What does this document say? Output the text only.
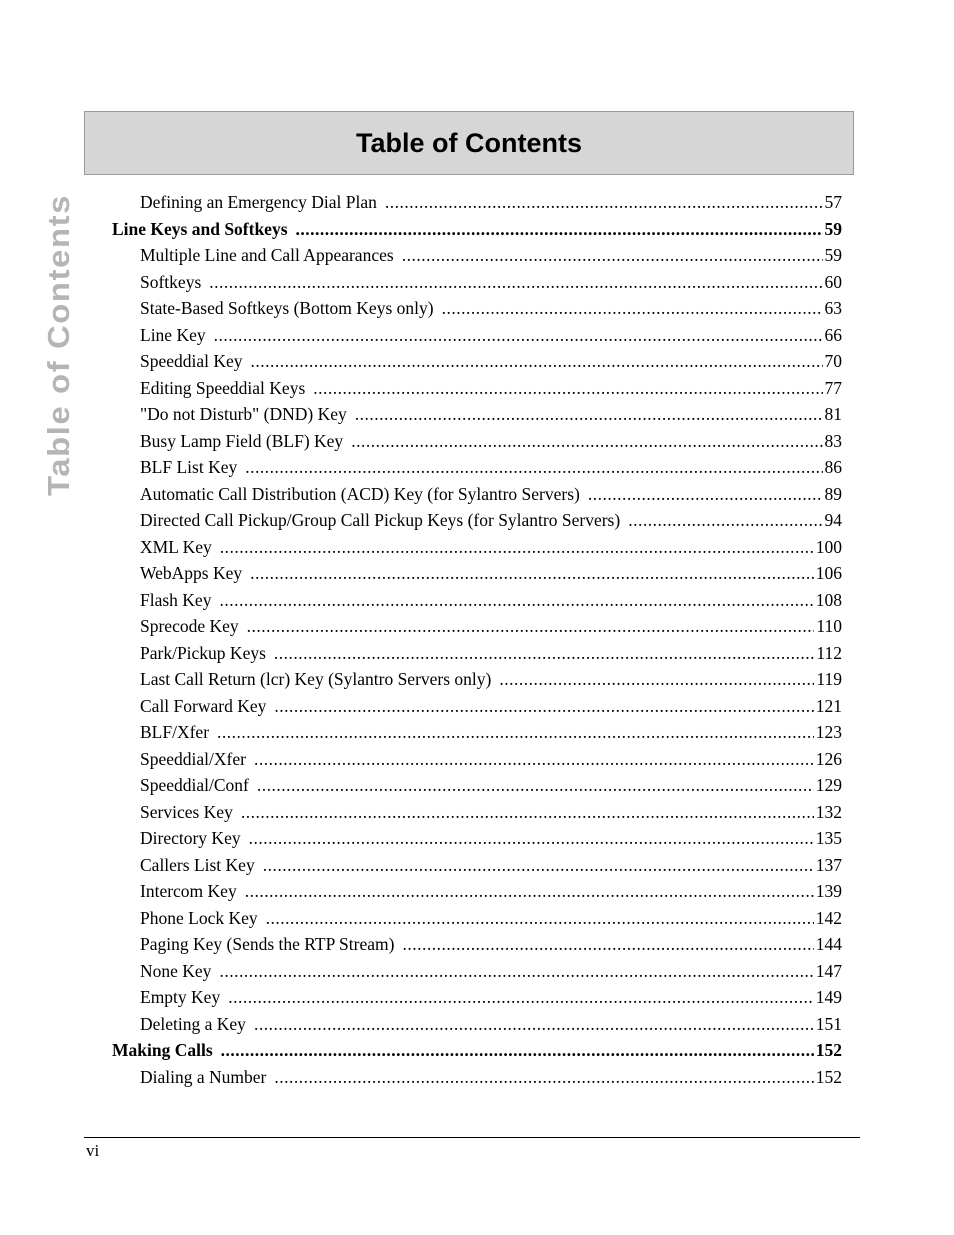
Table of Contents
Table of Contents
Defining an Emergency Dial Plan .....	57
Line Keys and Softkeys .....	59
Multiple Line and Call Appearances .....	59
Softkeys .....	60
State-Based Softkeys (Bottom Keys only) .....	63
Line Key .....	66
Speeddial Key .....	70
Editing Speeddial Keys .....	77
"Do not Disturb" (DND) Key .....	81
Busy Lamp Field (BLF) Key .....	83
BLF List Key .....	86
Automatic Call Distribution (ACD) Key (for Sylantro Servers) .....	89
Directed Call Pickup/Group Call Pickup Keys (for Sylantro Servers) .....	94
XML Key .....	100
WebApps Key .....	106
Flash Key .....	108
Sprecode Key .....	110
Park/Pickup Keys .....	112
Last Call Return (lcr) Key (Sylantro Servers only) .....	119
Call Forward Key .....	121
BLF/Xfer .....	123
Speeddial/Xfer .....	126
Speeddial/Conf .....	129
Services Key .....	132
Directory Key .....	135
Callers List Key .....	137
Intercom Key .....	139
Phone Lock Key .....	142
Paging Key (Sends the RTP Stream) .....	144
None Key .....	147
Empty Key .....	149
Deleting a Key .....	151
Making Calls .....	152
Dialing a Number .....	152
vi
